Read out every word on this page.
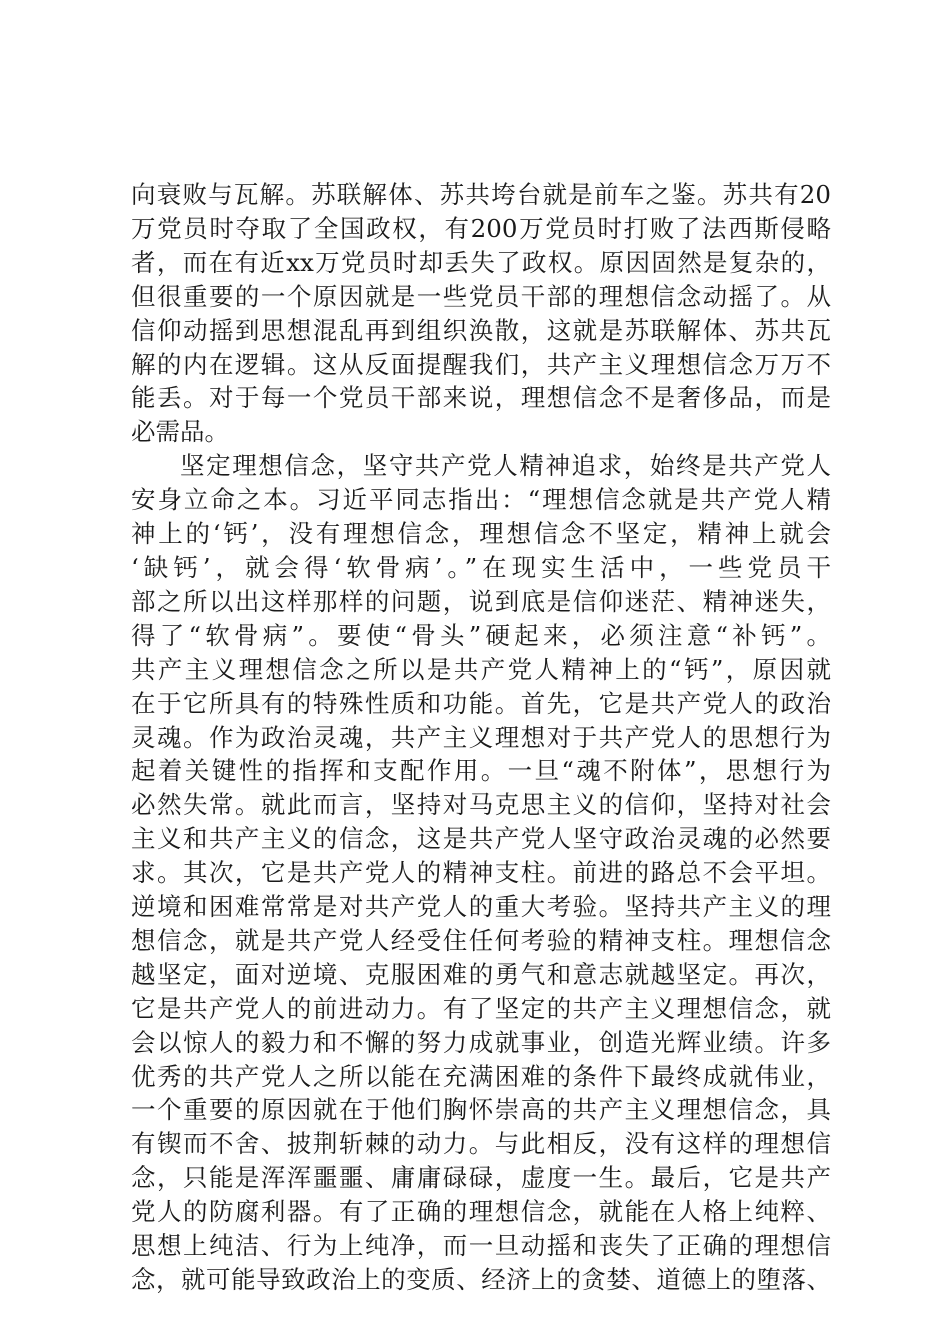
向衰败与瓦解。苏联解体、苏共垮台就是前车之鉴。苏共有20
万党员时夺取了全国政权，有200万党员时打败了法西斯侵略
者，而在有近xx万党员时却丢失了政权。原因固然是复杂的，
但很重要的一个原因就是一些党员干部的理想信念动摇了。从
信仰动摇到思想混乱再到组织涣散，这就是苏联解体、苏共瓦
解的内在逻辑。这从反面提醒我们，共产主义理想信念万万不
能丢。对于每一个党员干部来说，理想信念不是奢侈品，而是
必需品。
坚定理想信念，坚守共产党人精神追求，始终是共产党人
安身立命之本。习近平同志指出：“理想信念就是共产党人精
神上的‘钙’，没有理想信念，理想信念不坚定，精神上就会
‘缺钙’，就会得‘软骨病’。”在现实生活中，一些党员干
部之所以出这样那样的问题，说到底是信仰迷茫、精神迷失，
得了“软骨病”。要使“骨头”硬起来，必须注意“补钙”。
共产主义理想信念之所以是共产党人精神上的“钙”，原因就
在于它所具有的特殊性质和功能。首先，它是共产党人的政治
灵魂。作为政治灵魂，共产主义理想对于共产党人的思想行为
起着关键性的指挥和支配作用。一旦“魂不附体”，思想行为
必然失常。就此而言，坚持对马克思主义的信仰，坚持对社会
主义和共产主义的信念，这是共产党人坚守政治灵魂的必然要
求。其次，它是共产党人的精神支柱。前进的路总不会平坦。
逆境和困难常常是对共产党人的重大考验。坚持共产主义的理
想信念，就是共产党人经受住任何考验的精神支柱。理想信念
越坚定，面对逆境、克服困难的勇气和意志就越坚定。再次，
它是共产党人的前进动力。有了坚定的共产主义理想信念，就
会以惊人的毅力和不懈的努力成就事业，创造光辉业绩。许多
优秀的共产党人之所以能在充满困难的条件下最终成就伟业，
一个重要的原因就在于他们胸怀崇高的共产主义理想信念，具
有锲而不舍、披荆斩棘的动力。与此相反，没有这样的理想信
念，只能是浑浑噩噩、庸庸碌碌，虚度一生。最后，它是共产
党人的防腐利器。有了正确的理想信念，就能在人格上纯粹、
思想上纯洁、行为上纯净，而一旦动摇和丧失了正确的理想信
念，就可能导致政治上的变质、经济上的贪婪、道德上的堕落、
